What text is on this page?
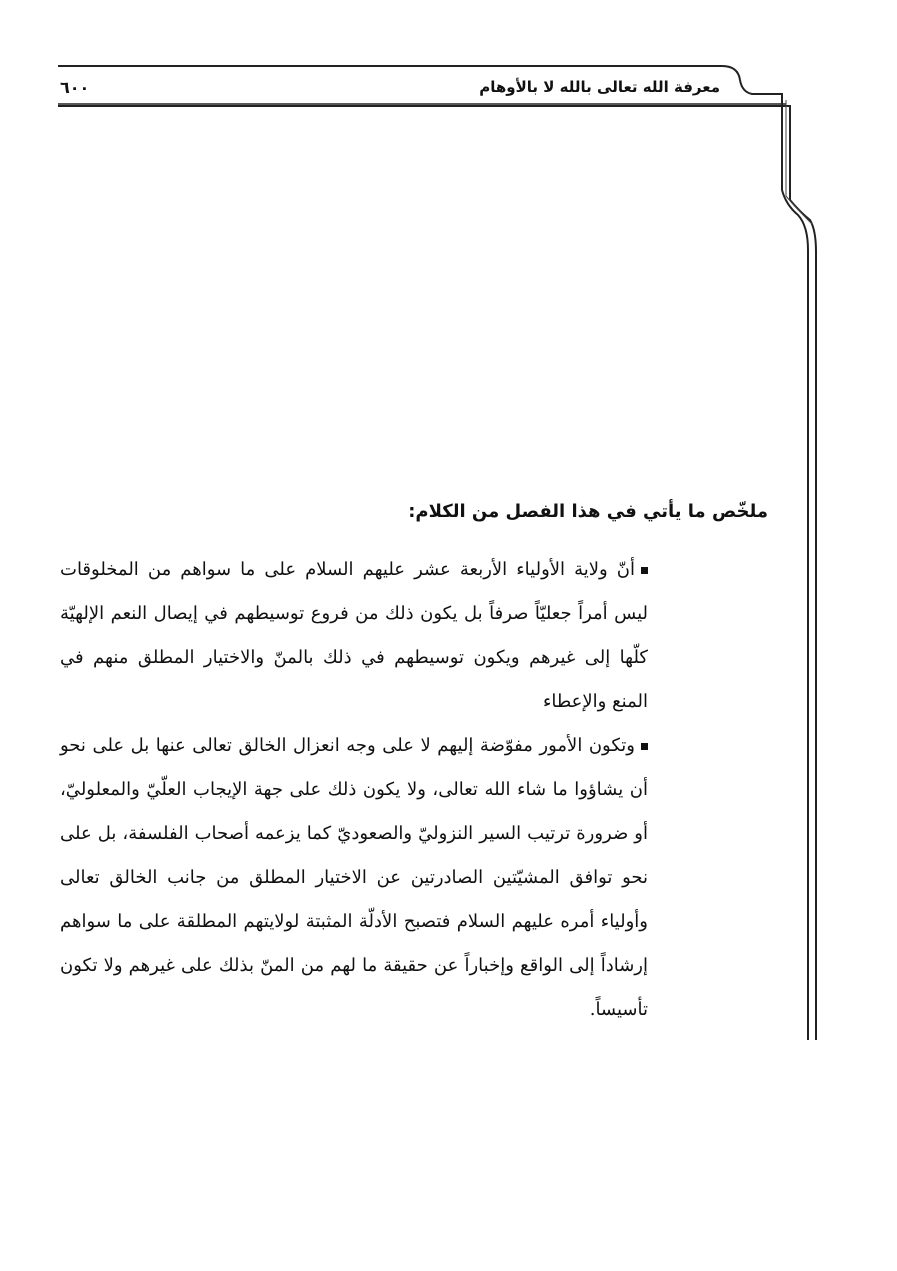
معرفة الله تعالى بالله لا بالأوهام
٦٠٠
ملخّص ما يأتي في هذا الفصل من الكلام:

أنّ ولاية الأولياء الأربعة عشر عليهم السلام على ما سواهم من المخلوقات ليس أمراً جعليّاً صرفاً بل يكون ذلك من فروع توسيطهم في إيصال النعم الإلهيّة كلّها إلى غيرهم ويكون توسيطهم في ذلك بالمنّ والاختيار المطلق منهم في المنع والإعطاء

وتكون الأمور مفوّضة إليهم لا على وجه انعزال الخالق تعالى عنها بل على نحو أن يشاؤوا ما شاء الله تعالى، ولا يكون ذلك على جهة الإيجاب العلّيّ والمعلوليّ، أو ضرورة ترتيب السير النزوليّ والصعوديّ كما يزعمه أصحاب الفلسفة، بل على نحو توافق المشيّتين الصادرتين عن الاختيار المطلق من جانب الخالق تعالى وأولياء أمره عليهم السلام فتصبح الأدلّة المثبتة لولايتهم المطلقة على ما سواهم إرشاداً إلى الواقع وإخباراً عن حقيقة ما لهم من المنّ بذلك على غيرهم ولا تكون تأسيساً.
